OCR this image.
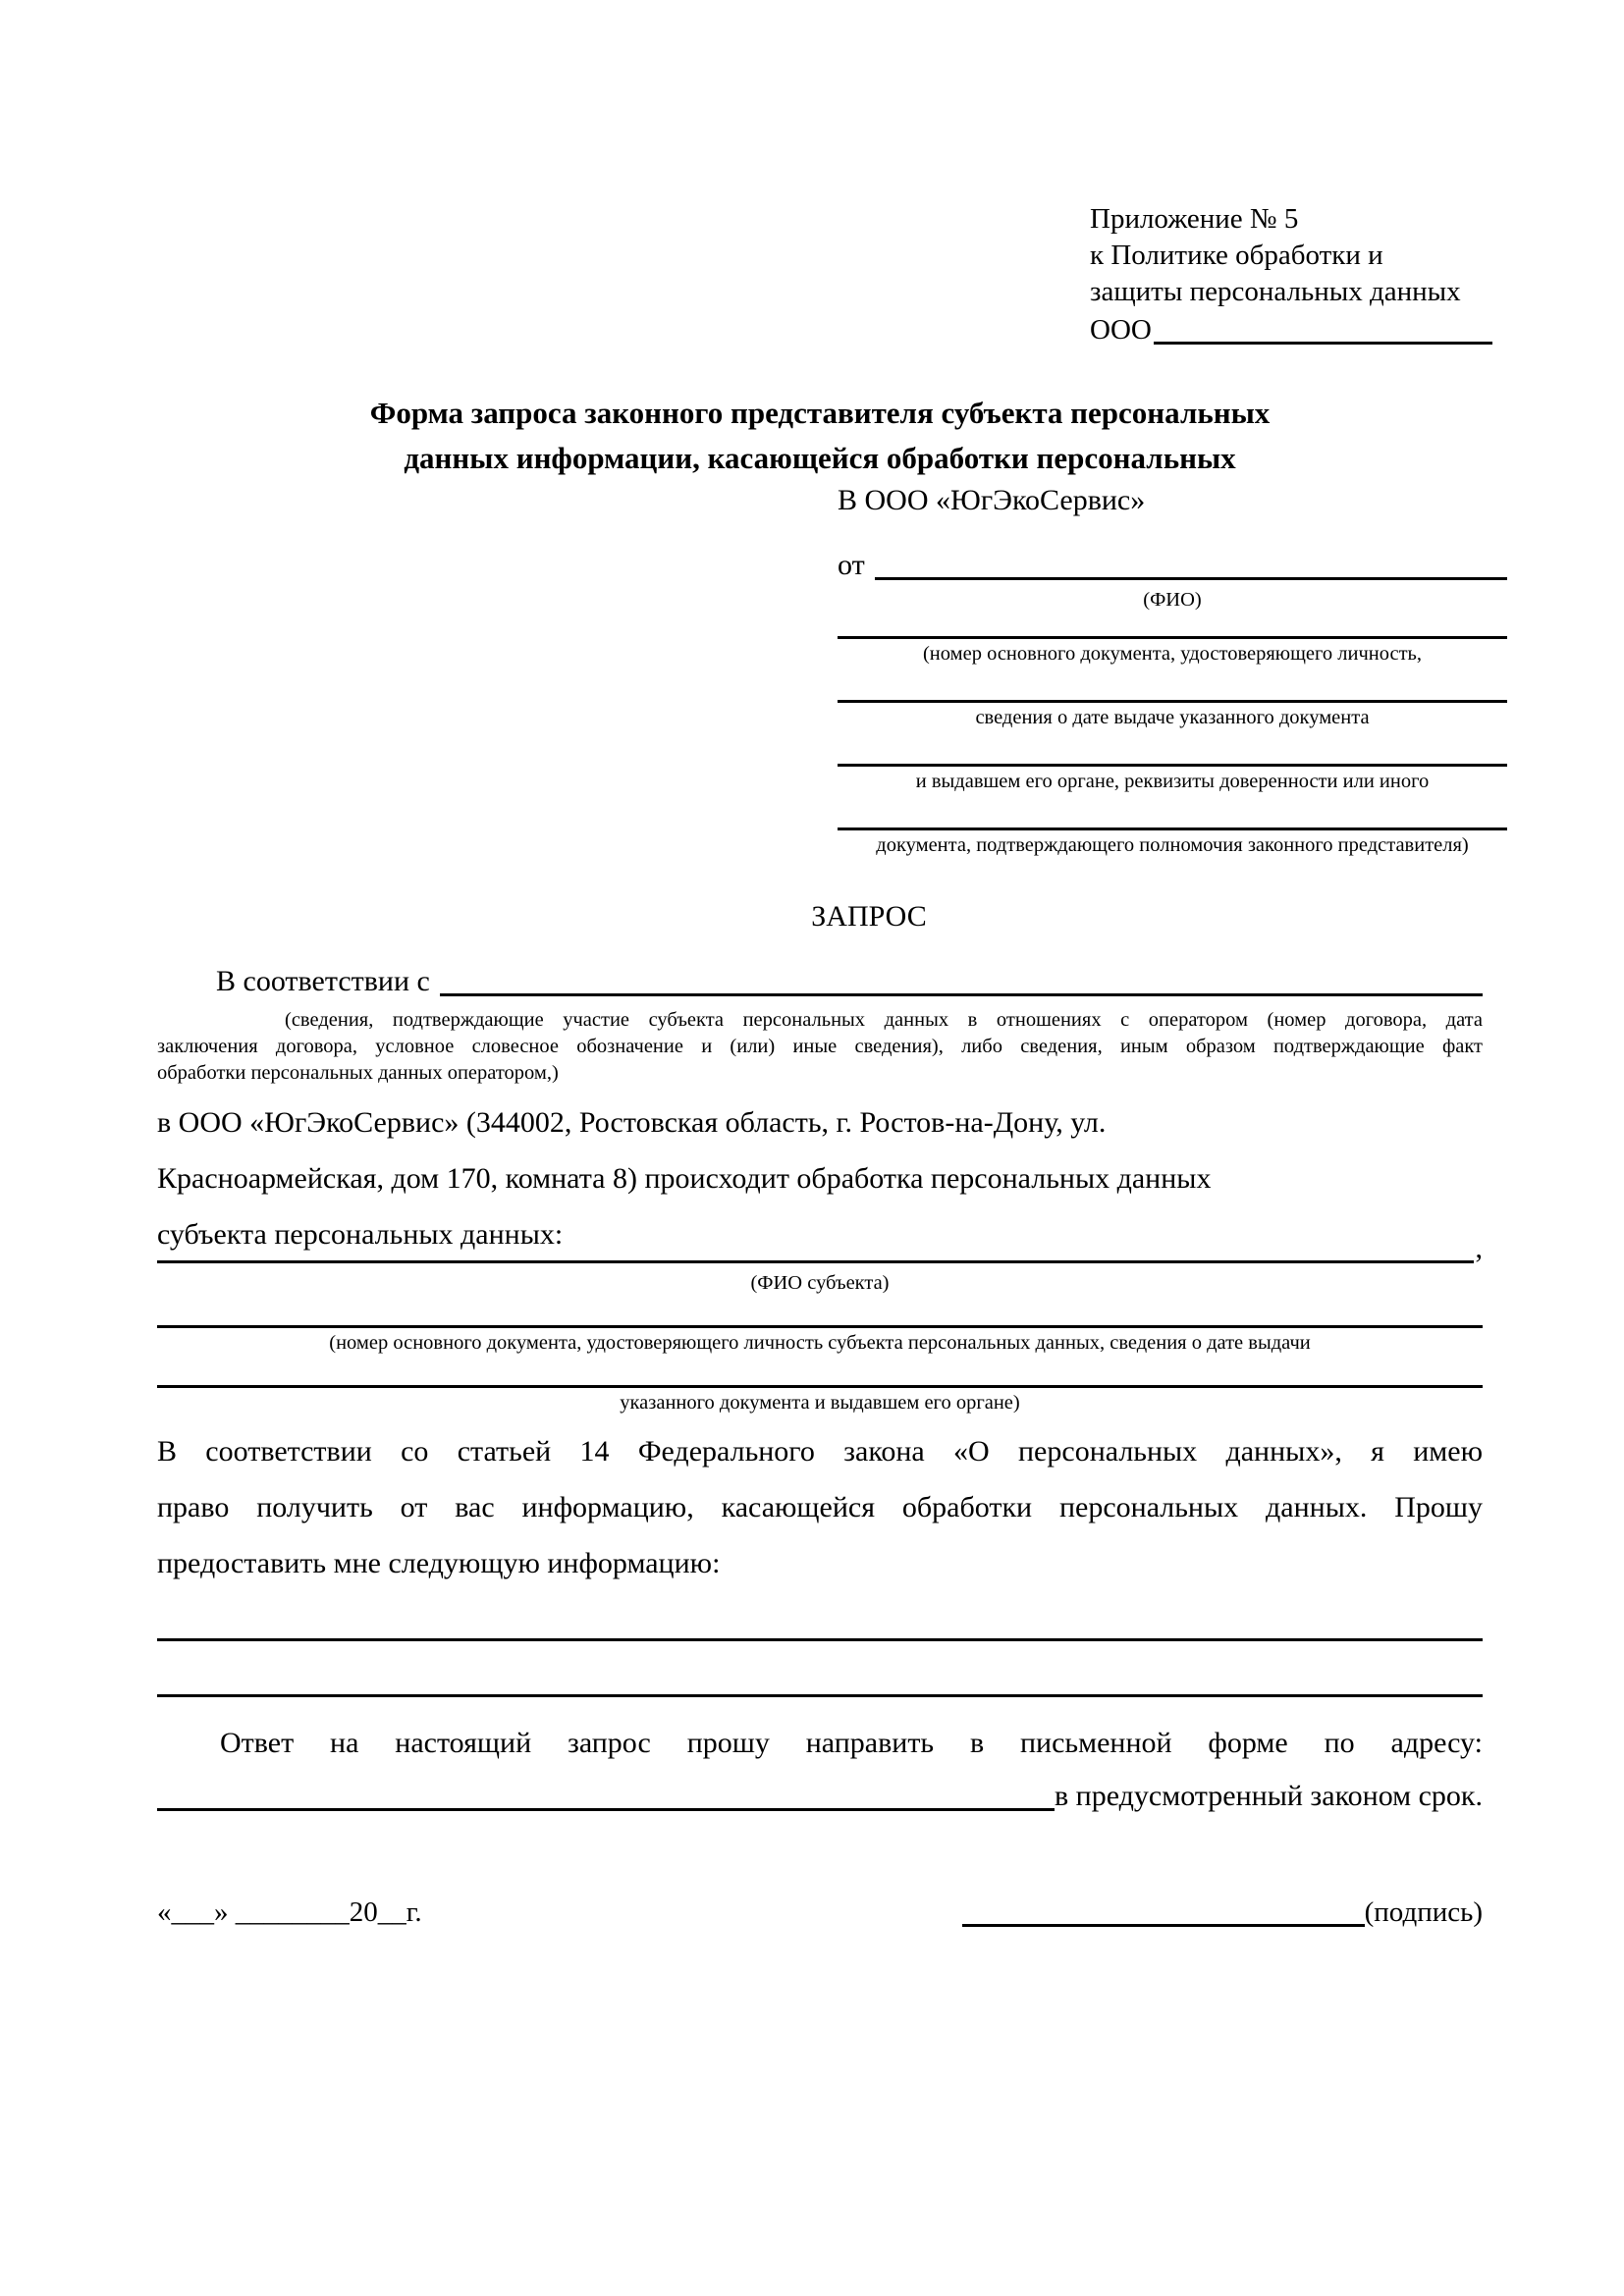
Приложение № 5
к Политике обработки и
защиты персональных данных
ООО
Форма запроса законного представителя субъекта персональных
данных информации, касающейся обработки персональных
В ООО «ЮгЭкоСервис»
от
(ФИО)
(номер основного документа, удостоверяющего личность,
сведения о дате выдаче указанного документа
и выдавшем его органе, реквизиты доверенности или иного
документа, подтверждающего полномочия законного представителя)
ЗАПРОС
В соответствии с
(сведения, подтверждающие участие субъекта персональных данных в отношениях с оператором (номер договора, дата
заключения договора, условное словесное обозначение и (или) иные сведения), либо сведения, иным образом подтверждающие факт
обработки персональных данных оператором,)
в ООО «ЮгЭкоСервис» (344002, Ростовская область, г. Ростов-на-Дону, ул.
Красноармейская, дом 170, комната 8) происходит обработка персональных данных
субъекта персональных данных:	,
(ФИО субъекта)
(номер основного документа, удостоверяющего личность субъекта персональных данных, сведения о дате выдачи
указанного документа и выдавшем его органе)
В соответствии со статьей 14 Федерального закона «О персональных данных», я имею
право получить от вас информацию, касающейся обработки персональных данных. Прошу
предоставить мне следующую информацию:
Ответ на настоящий запрос прошу направить в письменной форме по адресу:
в предусмотренный законом срок.
«___» ________20__г.	(подпись)
